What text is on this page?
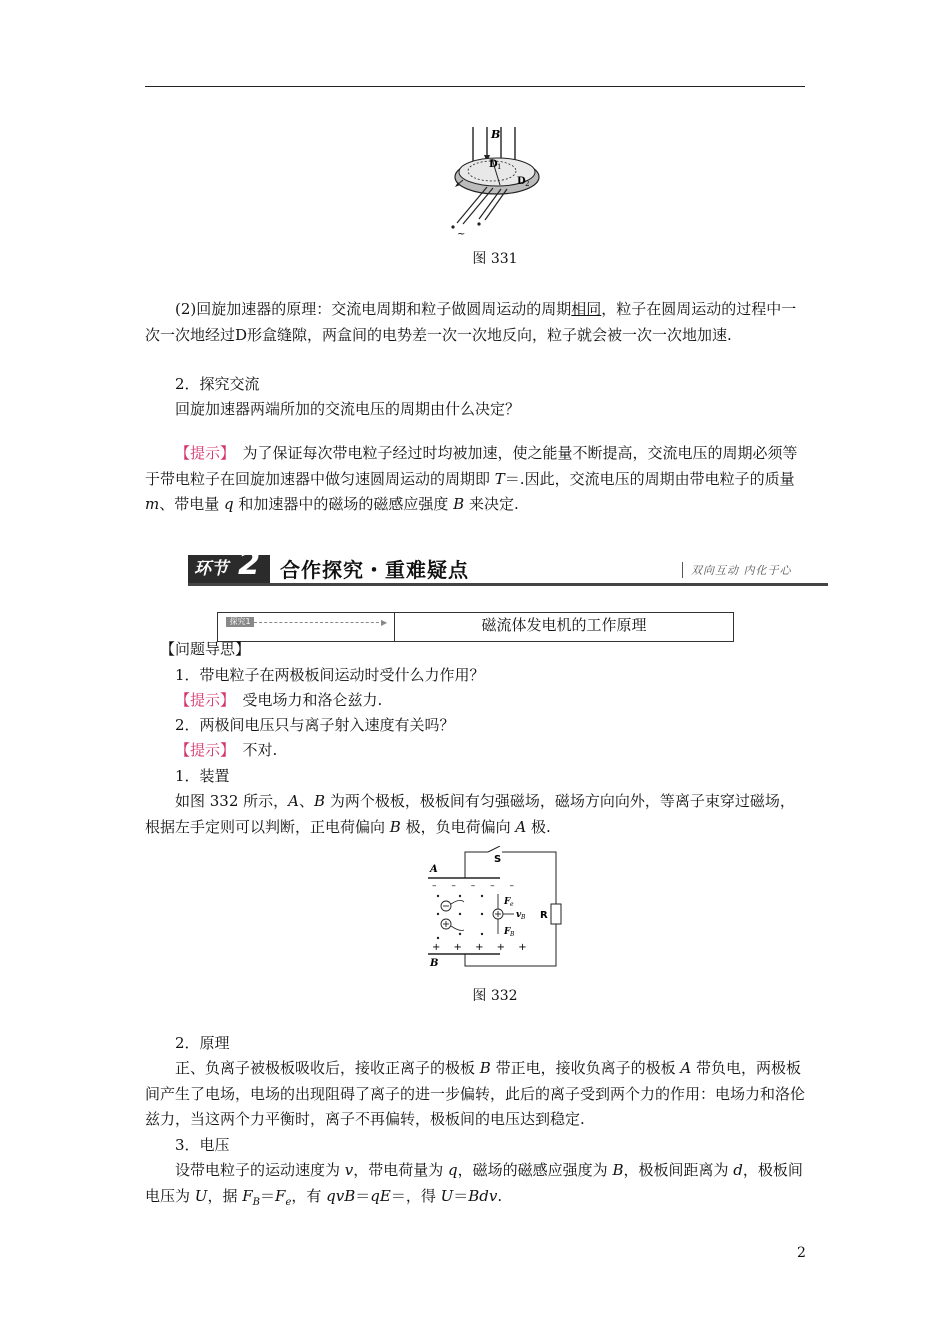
B
D 1
D 2
~
图 331
(2)回旋加速器的原理：交流电周期和粒子做圆周运动的周期相同，粒子在圆周运动的过程中一次一次地经过D形盒缝隙，两盒间的电势差一次一次地反向，粒子就会被一次一次地加速.
2．探究交流
回旋加速器两端所加的交流电压的周期由什么决定？
【提示】　为了保证每次带电粒子经过时均被加速，使之能量不断提高，交流电压的周期必须等于带电粒子在回旋加速器中做匀速圆周运动的周期即 T＝.因此，交流电压的周期由带电粒子的质量 m、带电量 q 和加速器中的磁场的磁感应强度 B 来决定.
环节 2 合作探究・重难疑点	双向互动 内化于心
探究1	▶	磁流体发电机的工作原理
【问题导思】
1．带电粒子在两极板间运动时受什么力作用？
【提示】　受电场力和洛仑兹力.
2．两极间电压只与离子射入速度有关吗？
【提示】　不对.
1．装置
如图 332 所示，A、B 为两个极板，极板间有匀强磁场，磁场方向向外，等离子束穿过磁场，根据左手定则可以判断，正电荷偏向 B 极，负电荷偏向 A 极.
S
R
A
B
– – – – –
+ + + + +
F e
v B
F B
图 332
2．原理
正、负离子被极板吸收后，接收正离子的极板 B 带正电，接收负离子的极板 A 带负电，两极板间产生了电场，电场的出现阻碍了离子的进一步偏转，此后的离子受到两个力的作用：电场力和洛伦兹力，当这两个力平衡时，离子不再偏转，极板间的电压达到稳定.
3．电压
设带电粒子的运动速度为 v，带电荷量为 q，磁场的磁感应强度为 B，极板间距离为 d，极板间电压为 U，据 $F_B=F_e$，有 qvB＝qE＝，得 U＝Bdv.
2
